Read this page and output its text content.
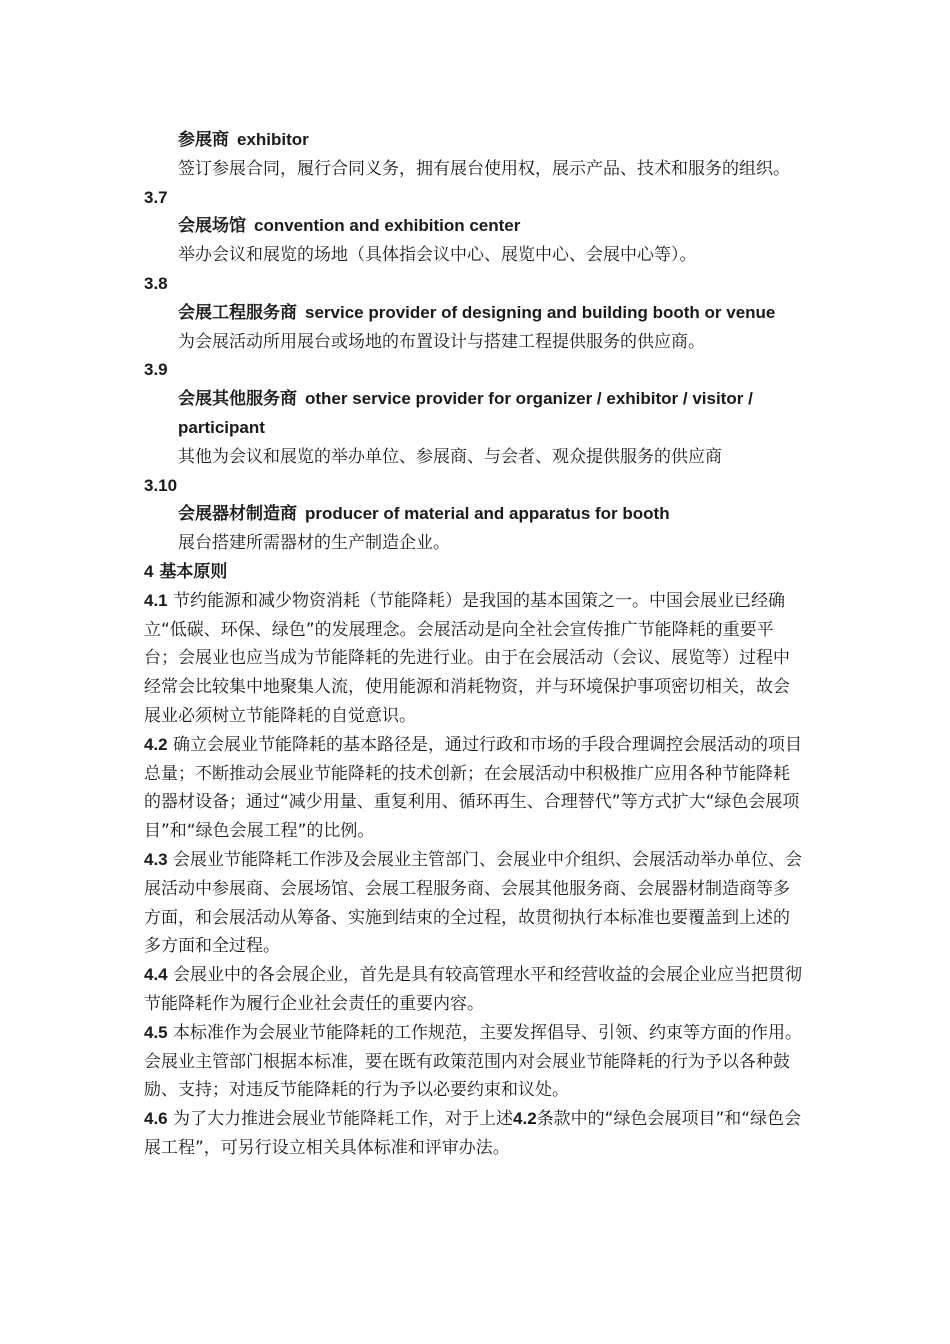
参展商 exhibitor

签订参展合同，履行合同义务，拥有展台使用权，展示产品、技术和服务的组织。

3.7

会展场馆 convention and exhibition center

举办会议和展览的场地（具体指会议中心、展览中心、会展中心等）。

3.8

会展工程服务商 service provider of designing and building booth or venue

为会展活动所用展台或场地的布置设计与搭建工程提供服务的供应商。

3.9

会展其他服务商 other service provider for organizer / exhibitor / visitor / participant

其他为会议和展览的举办单位、参展商、与会者、观众提供服务的供应商

3.10

会展器材制造商 producer of material and apparatus for booth

展台搭建所需器材的生产制造企业。

4 基本原则

4.1 节约能源和减少物资消耗（节能降耗）是我国的基本国策之一。中国会展业已经确立“低碳、环保、绿色”的发展理念。会展活动是向全社会宣传推广节能降耗的重要平台；会展业也应当成为节能降耗的先进行业。由于在会展活动（会议、展览等）过程中经常会比较集中地聚集人流，使用能源和消耗物资，并与环境保护事项密切相关，故会展业必须树立节能降耗的自觉意识。

4.2 确立会展业节能降耗的基本路径是，通过行政和市场的手段合理调控会展活动的项目总量；不断推动会展业节能降耗的技术创新；在会展活动中积极推广应用各种节能降耗的器材设备；通过“减少用量、重复利用、循环再生、合理替代”等方式扩大“绿色会展项目”和“绿色会展工程”的比例。

4.3 会展业节能降耗工作涉及会展业主管部门、会展业中介组织、会展活动举办单位、会展活动中参展商、会展场馆、会展工程服务商、会展其他服务商、会展器材制造商等多方面，和会展活动从筹备、实施到结束的全过程，故贯彻执行本标准也要覆盖到上述的多方面和全过程。

4.4 会展业中的各会展企业，首先是具有较高管理水平和经营收益的会展企业应当把贯彻节能降耗作为履行企业社会责任的重要内容。

4.5 本标准作为会展业节能降耗的工作规范，主要发挥倡导、引领、约束等方面的作用。会展业主管部门根据本标准，要在既有政策范围内对会展业节能降耗的行为予以各种鼓励、支持；对违反节能降耗的行为予以必要约束和议处。

4.6 为了大力推进会展业节能降耗工作，对于上述4.2条款中的“绿色会展项目”和“绿色会展工程”，可另行设立相关具体标准和评审办法。
